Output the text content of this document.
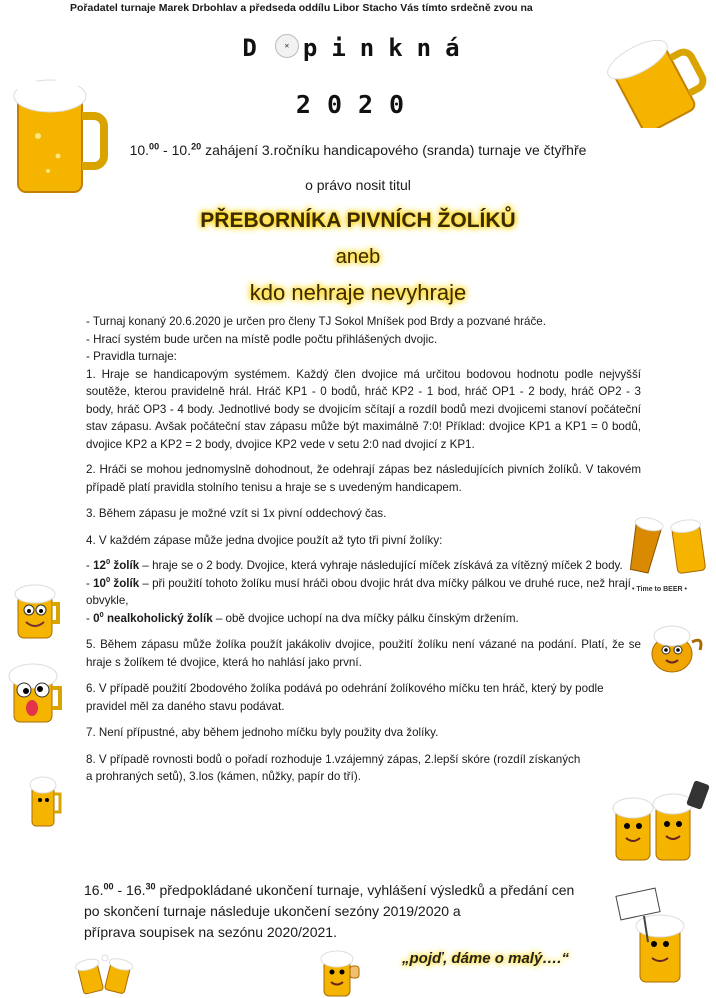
Pořadatel turnaje Marek Drbohlav a předseda oddílu Libor Stacho Vás tímto srdečně zvou na
D ✕ pinkná
2020
10.00 - 10.20 zahájení 3.ročníku handicapového (sranda) turnaje ve čtyřhře
o právo nosit titul
PŘEBORNÍKA PIVNÍCH ŽOLÍKŮ
aneb
kdo nehraje nevyhraje

- Turnaj konaný 20.6.2020 je určen pro členy TJ Sokol Mníšek pod Brdy a pozvané hráče.

- Hrací systém bude určen na místě podle počtu přihlášených dvojic.

- Pravidla turnaje:

1. Hraje se handicapovým systémem. Každý člen dvojice má určitou bodovou hodnotu podle nejvyšší soutěže, kterou pravidelně hrál. Hráč KP1 - 0 bodů, hráč KP2 - 1 bod, hráč OP1 - 2 body, hráč OP2 - 3 body, hráč OP3 - 4 body. Jednotlivé body se dvojicím sčítají a rozdíl bodů mezi dvojicemi stanoví počáteční stav zápasu. Avšak počáteční stav zápasu může být maximálně 7:0! Příklad: dvojice KP1 a KP1 = 0 bodů, dvojice KP2 a KP2 = 2 body, dvojice KP2 vede v setu 2:0 nad dvojicí z KP1.

2. Hráči se mohou jednomyslně dohodnout, že odehrají zápas bez následujících pivních žolíků. V takovém případě platí pravidla stolního tenisu a hraje se s uvedeným handicapem.

3. Během zápasu je možné vzít si 1x pivní oddechový čas.

4. V každém zápase může jedna dvojice použít až tyto tři pivní žolíky:

- $12^0$ žolík – hraje se o 2 body. Dvojice, která vyhraje následující míček získává za vítězný míček 2 body.

- $10^0$ žolík – při použití tohoto žolíku musí hráči obou dvojic hrát dva míčky pálkou ve druhé ruce, než hrají obvykle,

- $0^0$ nealkoholický žolík – obě dvojice uchopí na dva míčky pálku čínským držením.

5. Během zápasu může žolíka použít jakákoliv dvojice, použití žolíku není vázané na podání. Platí, že se hraje s žolíkem té dvojice, která ho nahlásí jako první.

6. V případě použití 2bodového žolíka podává po odehrání žolíkového míčku ten hráč, který by podle pravidel měl za daného stavu podávat.

7. Není přípustné, aby během jednoho míčku byly použity dva žolíky.

8. V případě rovnosti bodů o pořadí rozhoduje 1.vzájemný zápas, 2.lepší skóre (rozdíl získaných a prohraných setů), 3.los (kámen, nůžky, papír do tří).

16.00 - 16.30 předpokládané ukončení turnaje, vyhlášení výsledků a předání cen
po skončení turnaje následuje ukončení sezóny 2019/2020 a
příprava soupisek na sezónu 2020/2021.
„pojď, dáme o malý….“
• Time to BEER •
